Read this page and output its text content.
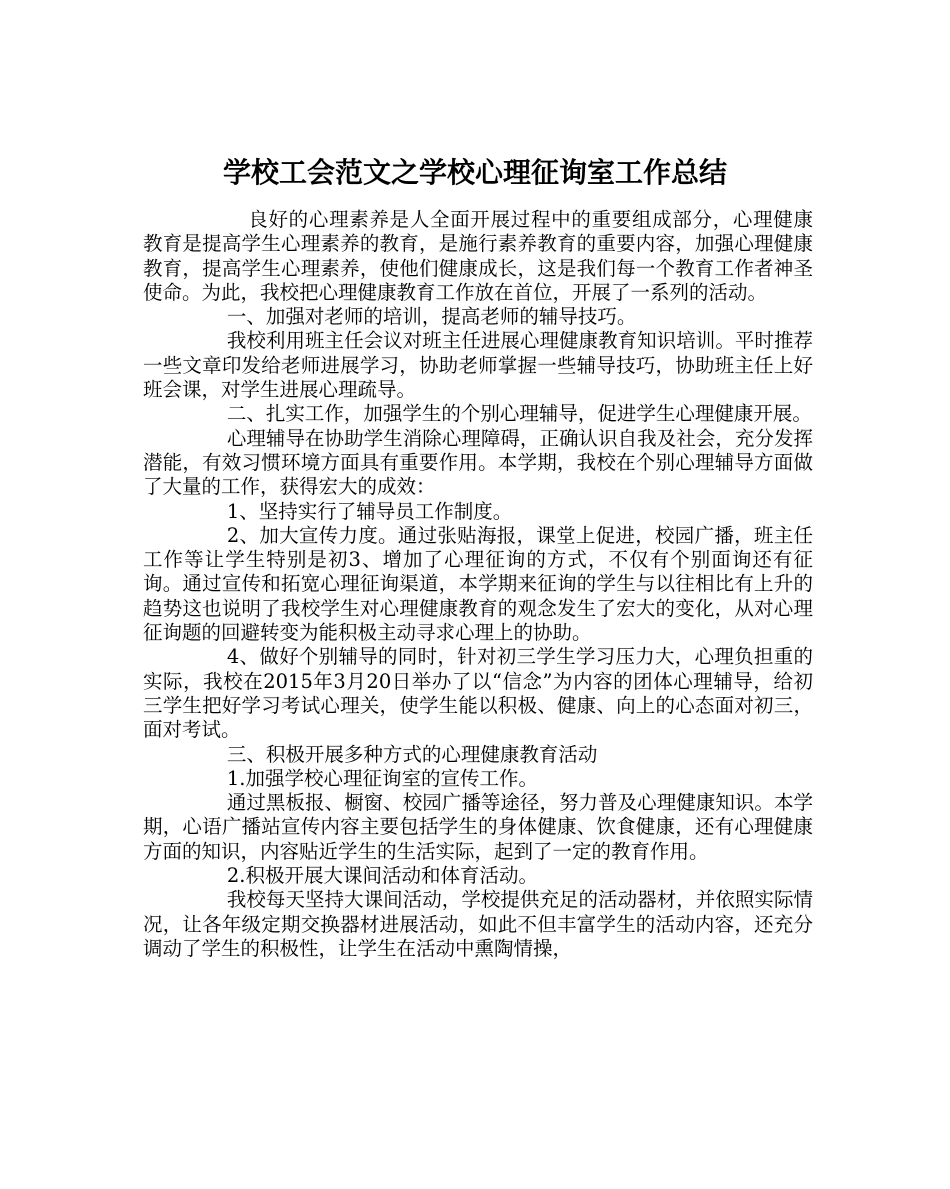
学校工会范文之学校心理征询室工作总结

良好的心理素养是人全面开展过程中的重要组成部分，心理健康教育是提高学生心理素养的教育，是施行素养教育的重要内容，加强心理健康教育，提高学生心理素养，使他们健康成长，这是我们每一个教育工作者神圣使命。为此，我校把心理健康教育工作放在首位，开展了一系列的活动。

一、加强对老师的培训，提高老师的辅导技巧。

我校利用班主任会议对班主任进展心理健康教育知识培训。平时推荐一些文章印发给老师进展学习，协助老师掌握一些辅导技巧，协助班主任上好班会课，对学生进展心理疏导。

二、扎实工作，加强学生的个别心理辅导，促进学生心理健康开展。

心理辅导在协助学生消除心理障碍，正确认识自我及社会，充分发挥潜能，有效习惯环境方面具有重要作用。本学期，我校在个别心理辅导方面做了大量的工作，获得宏大的成效：

1、坚持实行了辅导员工作制度。

2、加大宣传力度。通过张贴海报，课堂上促进，校园广播，班主任工作等让学生特别是初3、增加了心理征询的方式，不仅有个别面询还有征询。通过宣传和拓宽心理征询渠道，本学期来征询的学生与以往相比有上升的趋势这也说明了我校学生对心理健康教育的观念发生了宏大的变化，从对心理征询题的回避转变为能积极主动寻求心理上的协助。

4、做好个别辅导的同时，针对初三学生学习压力大，心理负担重的实际，我校在2015年3月20日举办了以“信念”为内容的团体心理辅导，给初三学生把好学习考试心理关，使学生能以积极、健康、向上的心态面对初三，面对考试。

三、积极开展多种方式的心理健康教育活动

1.加强学校心理征询室的宣传工作。

通过黑板报、橱窗、校园广播等途径，努力普及心理健康知识。本学期，心语广播站宣传内容主要包括学生的身体健康、饮食健康，还有心理健康方面的知识，内容贴近学生的生活实际，起到了一定的教育作用。

2.积极开展大课间活动和体育活动。

我校每天坚持大课间活动，学校提供充足的活动器材，并依照实际情况，让各年级定期交换器材进展活动，如此不但丰富学生的活动内容，还充分调动了学生的积极性，让学生在活动中熏陶情操，
